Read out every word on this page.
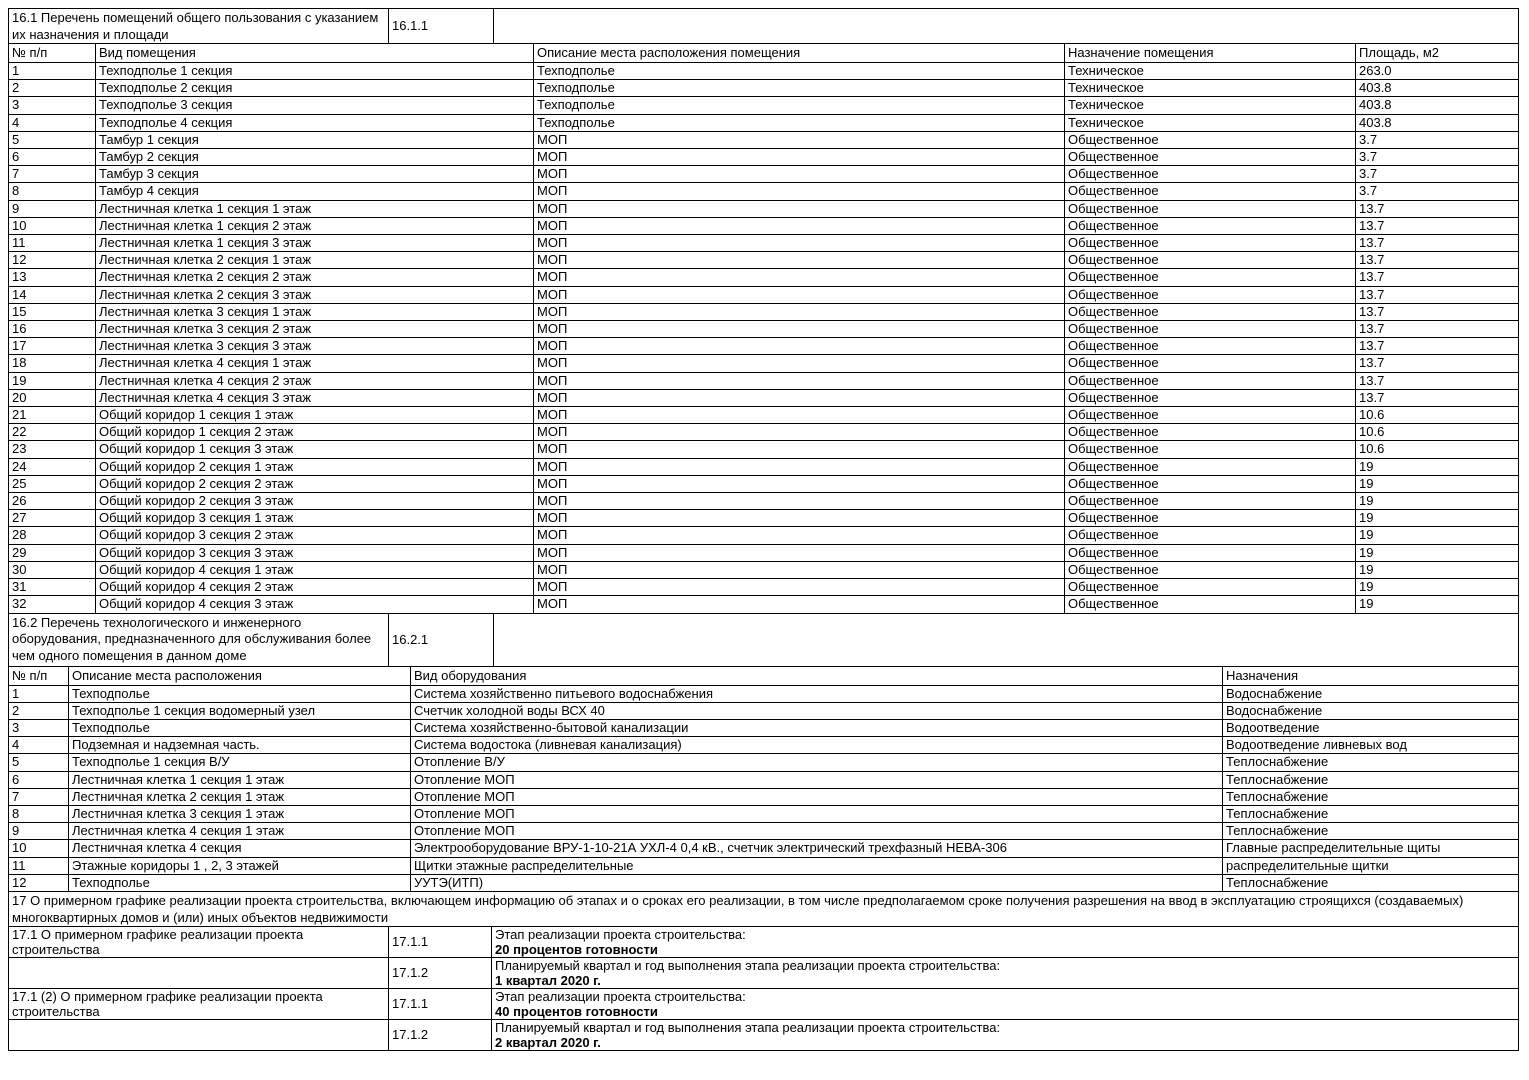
16.1 Перечень помещений общего пользования с указанием их назначения и площади	16.1.1	
№ п/п	Вид помещения	Описание места расположения помещения	Назначение помещения	Площадь, м2
1	Техподполье 1 секция	Техподполье	Техническое	263.0
2	Техподполье 2 секция	Техподполье	Техническое	403.8
3	Техподполье 3 секция	Техподполье	Техническое	403.8
4	Техподполье 4 секция	Техподполье	Техническое	403.8
5	Тамбур 1 секция	МОП	Общественное	3.7
6	Тамбур 2 секция	МОП	Общественное	3.7
7	Тамбур 3 секция	МОП	Общественное	3.7
8	Тамбур 4 секция	МОП	Общественное	3.7
9	Лестничная клетка 1 секция 1 этаж	МОП	Общественное	13.7
10	Лестничная клетка 1 секция 2 этаж	МОП	Общественное	13.7
11	Лестничная клетка 1 секция 3 этаж	МОП	Общественное	13.7
12	Лестничная клетка 2 секция 1 этаж	МОП	Общественное	13.7
13	Лестничная клетка 2 секция 2 этаж	МОП	Общественное	13.7
14	Лестничная клетка 2 секция 3 этаж	МОП	Общественное	13.7
15	Лестничная клетка 3 секция 1 этаж	МОП	Общественное	13.7
16	Лестничная клетка 3 секция 2 этаж	МОП	Общественное	13.7
17	Лестничная клетка 3 секция 3 этаж	МОП	Общественное	13.7
18	Лестничная клетка 4 секция 1 этаж	МОП	Общественное	13.7
19	Лестничная клетка 4 секция 2 этаж	МОП	Общественное	13.7
20	Лестничная клетка 4 секция 3 этаж	МОП	Общественное	13.7
21	Общий коридор 1 секция 1 этаж	МОП	Общественное	10.6
22	Общий коридор 1 секция 2 этаж	МОП	Общественное	10.6
23	Общий коридор 1 секция 3 этаж	МОП	Общественное	10.6
24	Общий коридор 2 секция 1 этаж	МОП	Общественное	19
25	Общий коридор 2 секция 2 этаж	МОП	Общественное	19
26	Общий коридор 2 секция 3 этаж	МОП	Общественное	19
27	Общий коридор 3 секция 1 этаж	МОП	Общественное	19
28	Общий коридор 3 секция 2 этаж	МОП	Общественное	19
29	Общий коридор 3 секция 3 этаж	МОП	Общественное	19
30	Общий коридор 4 секция 1 этаж	МОП	Общественное	19
31	Общий коридор 4 секция 2 этаж	МОП	Общественное	19
32	Общий коридор 4 секция 3 этаж	МОП	Общественное	19
16.2 Перечень технологического и инженерного оборудования, предназначенного для обслуживания более чем одного помещения в данном доме	16.2.1	
№ п/п	Описание места расположения	Вид оборудования	Назначения
1	Техподполье	Система хозяйственно питьевого водоснабжения	Водоснабжение
2	Техподполье 1 секция водомерный узел	Счетчик холодной воды ВСХ 40	Водоснабжение
3	Техподполье	Система хозяйственно-бытовой канализации	Водоотведение
4	Подземная и надземная часть.	Система водостока (ливневая канализация)	Водоотведение ливневых вод
5	Техподполье 1 секция В/У	Отопление В/У	Теплоснабжение
6	Лестничная клетка 1 секция 1 этаж	Отопление МОП	Теплоснабжение
7	Лестничная клетка 2 секция 1 этаж	Отопление МОП	Теплоснабжение
8	Лестничная клетка 3 секция 1 этаж	Отопление МОП	Теплоснабжение
9	Лестничная клетка 4 секция 1 этаж	Отопление МОП	Теплоснабжение
10	Лестничная клетка 4 секция	Электрооборудование ВРУ-1-10-21А УХЛ-4 0,4 кВ., счетчик электрический трехфазный НЕВА-306	Главные распределительные щиты
11	Этажные коридоры 1 , 2, 3 этажей	Щитки этажные распределительные	распределительные щитки
12	Техподполье	УУТЭ(ИТП)	Теплоснабжение
17 О примерном графике реализации проекта строительства, включающем информацию об этапах и о сроках его реализации, в том числе предполагаемом сроке получения разрешения на ввод в эксплуатацию строящихся (создаваемых) многоквартирных домов и (или) иных объектов недвижимости
17.1 О примерном графике реализации проекта строительства	17.1.1	Этап реализации проекта строительства:
20 процентов готовности

	17.1.2	Планируемый квартал и год выполнения этапа реализации проекта строительства:
1 квартал 2020 г.

17.1 (2) О примерном графике реализации проекта строительства	17.1.1	Этап реализации проекта строительства:
40 процентов готовности

	17.1.2	Планируемый квартал и год выполнения этапа реализации проекта строительства:
2 квартал 2020 г.
